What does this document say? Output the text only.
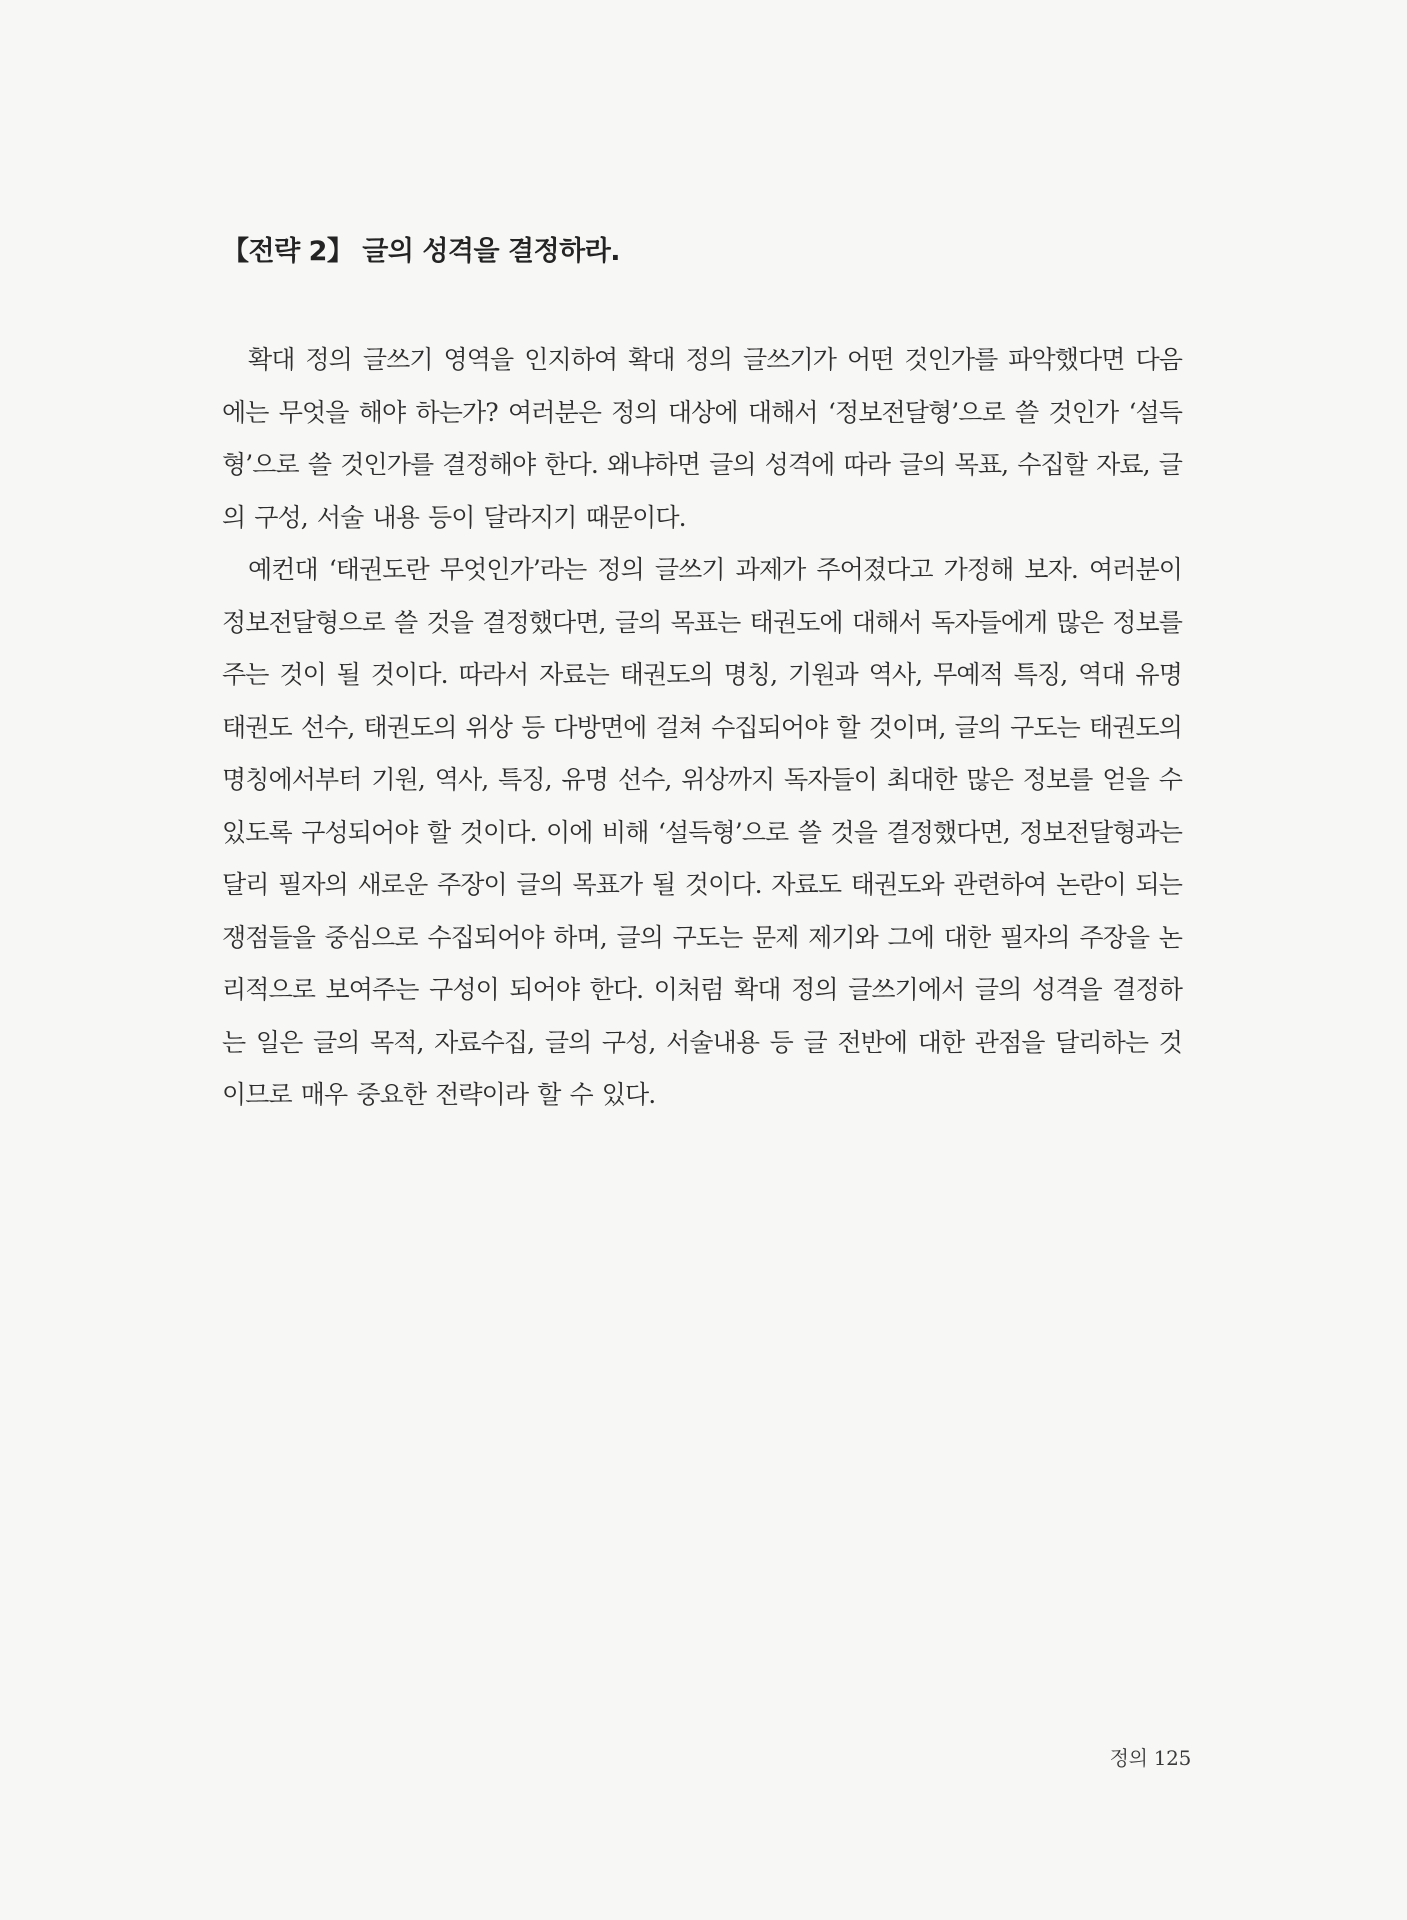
【전략 2】 글의 성격을 결정하라.

확대 정의 글쓰기 영역을 인지하여 확대 정의 글쓰기가 어떤 것인가를 파악했다면 다음에는 무엇을 해야 하는가? 여러분은 정의 대상에 대해서 ‘정보전달형’으로 쓸 것인가 ‘설득형’으로 쓸 것인가를 결정해야 한다. 왜냐하면 글의 성격에 따라 글의 목표, 수집할 자료, 글의 구성, 서술 내용 등이 달라지기 때문이다.

예컨대 ‘태권도란 무엇인가’라는 정의 글쓰기 과제가 주어졌다고 가정해 보자. 여러분이 정보전달형으로 쓸 것을 결정했다면, 글의 목표는 태권도에 대해서 독자들에게 많은 정보를 주는 것이 될 것이다. 따라서 자료는 태권도의 명칭, 기원과 역사, 무예적 특징, 역대 유명 태권도 선수, 태권도의 위상 등 다방면에 걸쳐 수집되어야 할 것이며, 글의 구도는 태권도의 명칭에서부터 기원, 역사, 특징, 유명 선수, 위상까지 독자들이 최대한 많은 정보를 얻을 수 있도록 구성되어야 할 것이다. 이에 비해 ‘설득형’으로 쓸 것을 결정했다면, 정보전달형과는 달리 필자의 새로운 주장이 글의 목표가 될 것이다. 자료도 태권도와 관련하여 논란이 되는 쟁점들을 중심으로 수집되어야 하며, 글의 구도는 문제 제기와 그에 대한 필자의 주장을 논리적으로 보여주는 구성이 되어야 한다. 이처럼 확대 정의 글쓰기에서 글의 성격을 결정하는 일은 글의 목적, 자료수집, 글의 구성, 서술내용 등 글 전반에 대한 관점을 달리하는 것이므로 매우 중요한 전략이라 할 수 있다.

정의 125
